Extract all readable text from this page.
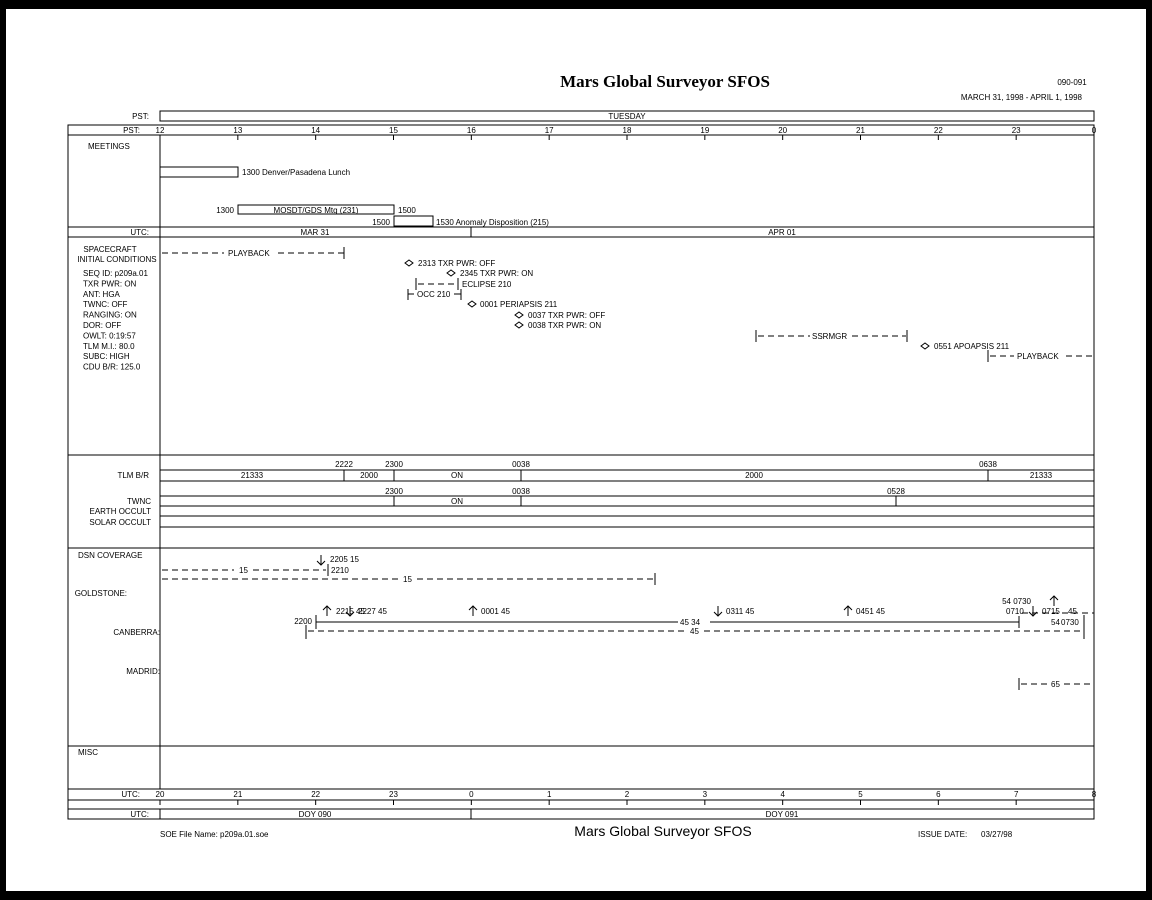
Mars Global Surveyor SFOS	090-091
MARCH 31, 1998 - APRIL 1, 1998
PST:	TUESDAY
PST: 12	13	14	15	16	17	18	19	20	21	22	23	0
MEETINGS
1300 Denver/Pasadena Lunch
1300	MOSDT/GDS Mtg (231)	1500
1500	1530 Anomaly Disposition (215)
UTC:	MAR 31	APR 01
SPACECRAFT
INITIAL CONDITIONS
SEQ ID: p209a.01
TXR PWR: ON
ANT: HGA
TWNC: OFF
RANGING: ON
DOR: OFF
OWLT: 0:19:57
TLM M.I.: 80.0
SUBC: HIGH
CDU B/R: 125.0
PLAYBACK
2313 TXR PWR: OFF
2345 TXR PWR: ON
ECLIPSE 210
OCC 210
0001 PERIAPSIS 211
0037 TXR PWR: OFF
0038 TXR PWR: ON
SSRMGR
0551 APOAPSIS 211
PLAYBACK
2222	2300	0038	0638
TLM B/R	21333	2000	ON	2000	21333
2300	0038	0528
TWNC	ON
EARTH OCCULT
SOLAR OCCULT
DSN COVERAGE	2205 15
15	2210
15
GOLDSTONE:
2215 45
2227 45	0001 45	0311 45	0451 45
54 0730
2200	45 34
0710 0715 45
54 0730
45
CANBERRA:
MADRID:
65
MISC
UTC: 20	21	22	23	0	1	2	3	4	5	6	7	8
UTC:	DOY 090	DOY 091
SOE File Name: p209a.01.soe	Mars Global Surveyor SFOS	ISSUE DATE: 03/27/98
